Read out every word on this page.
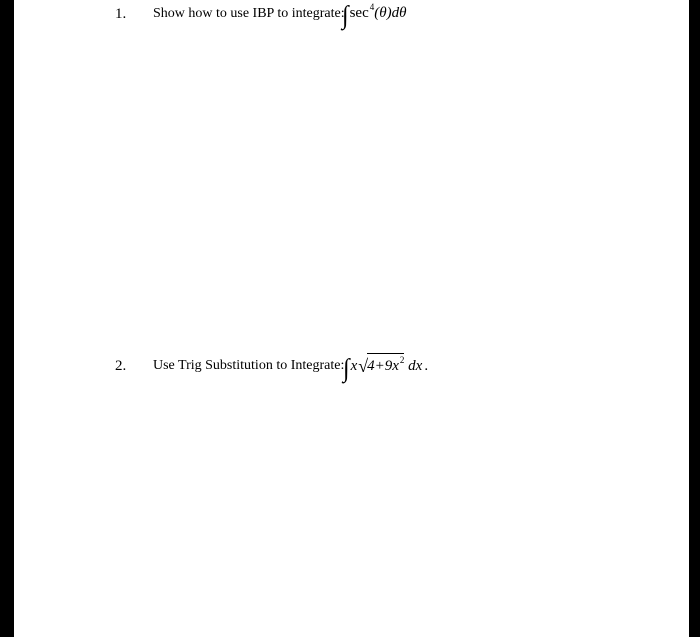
1. Show how to use IBP to integrate:
$\int\sec^4(\theta)d\theta$
2. Use Trig Substitution to Integrate:
$\int x√4+9x^2$ dx .
